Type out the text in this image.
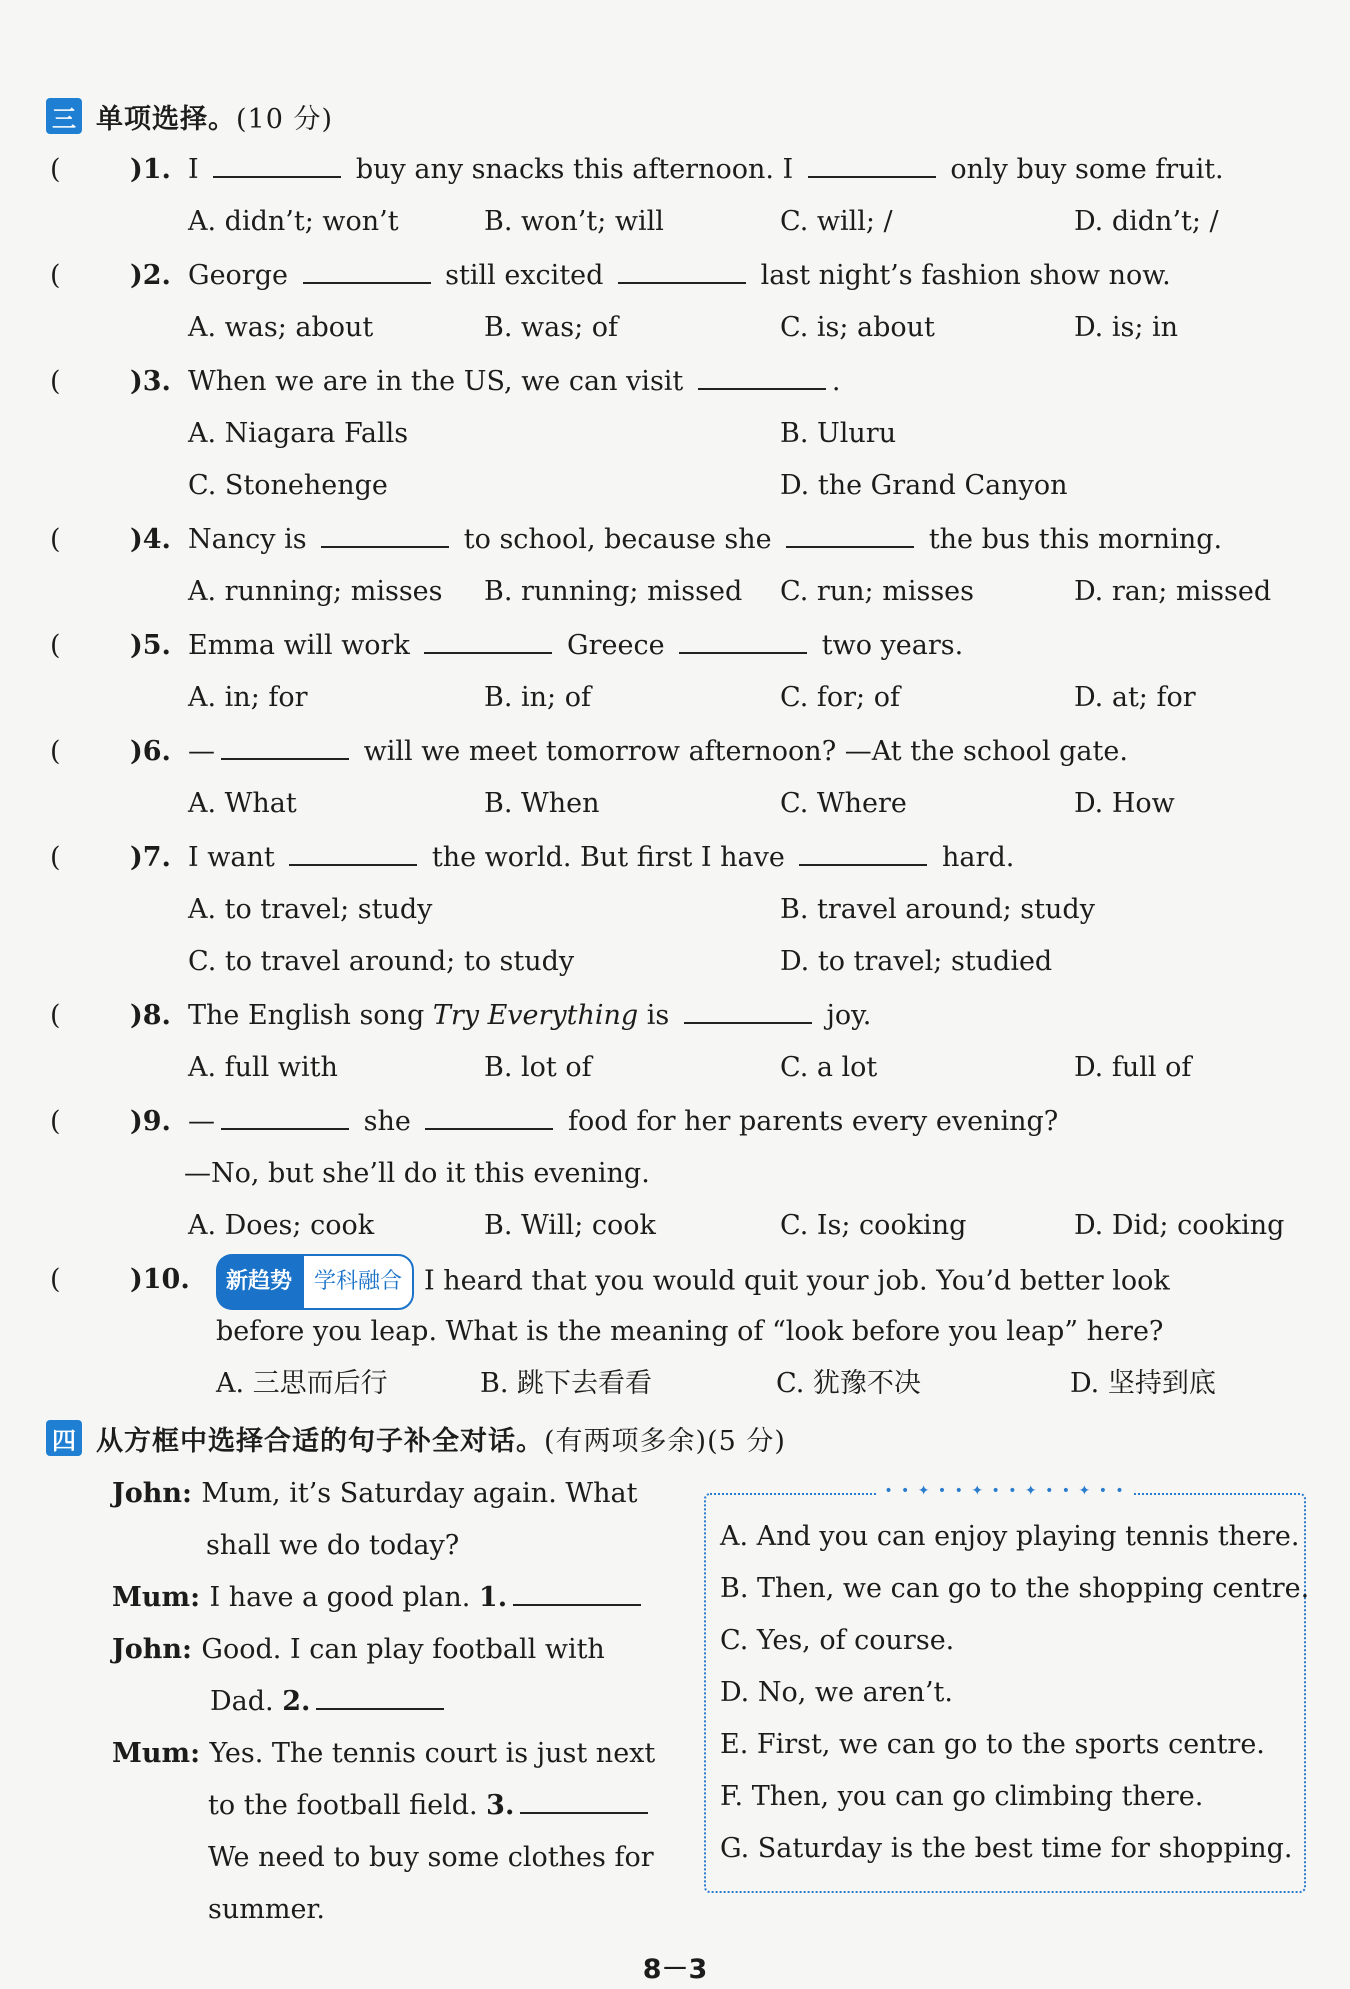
三 单项选择。(10 分)
(	)1. I	buy any snacks this afternoon. I	only buy some fruit.
A. didn’t; won’t	B. won’t; will	C. will; /	D. didn’t; /
(	)2. George	still excited	last night’s fashion show now.
A. was; about	B. was; of	C. is; about	D. is; in
(	)3. When we are in the US, we can visit	.
A. Niagara Falls	B. Uluru
C. Stonehenge	D. the Grand Canyon
(	)4. Nancy is	to school, because she	the bus this morning.
A. running; misses B. running; missed C. run; misses	D. ran; missed
(	)5. Emma will work	Greece	two years.
A. in; for	B. in; of	C. for; of	D. at; for
(	)6. —	will we meet tomorrow afternoon? —At the school gate.
A. What	B. When	C. Where	D. How
(	)7. I want	the world. But first I have	hard.
A. to travel; study	B. travel around; study
C. to travel around; to study	D. to travel; studied
(	)8. The English song Try Everything is	joy.
A. full with	B. lot of	C. a lot	D. full of
(	)9. —	she	food for her parents every evening?
—No, but she’ll do it this evening.
A. Does; cook	B. Will; cook	C. Is; cooking	D. Did; cooking
(	)10.	新趋势	学科融合 I heard that you would quit your job. You’d better look
before you leap. What is the meaning of “look before you leap” here?
A. 三思而后行	B. 跳下去看看	C. 犹豫不决	D. 坚持到底
四 从方框中选择合适的句子补全对话。(有两项多余)(5 分)
John: Mum, it’s Saturday again. What
shall we do today?
Mum: I have a good plan. 1.
John: Good. I can play football with
Dad. 2.
Mum: Yes. The tennis court is just next
to the football field. 3.
We need to buy some clothes for
summer.
• • ✦ • • ✦ • • ✦ • • ✦ • •
A. And you can enjoy playing tennis there.
B. Then, we can go to the shopping centre.
C. Yes, of course.
D. No, we aren’t.
E. First, we can go to the sports centre.
F. Then, you can go climbing there.
G. Saturday is the best time for shopping.
8－3
